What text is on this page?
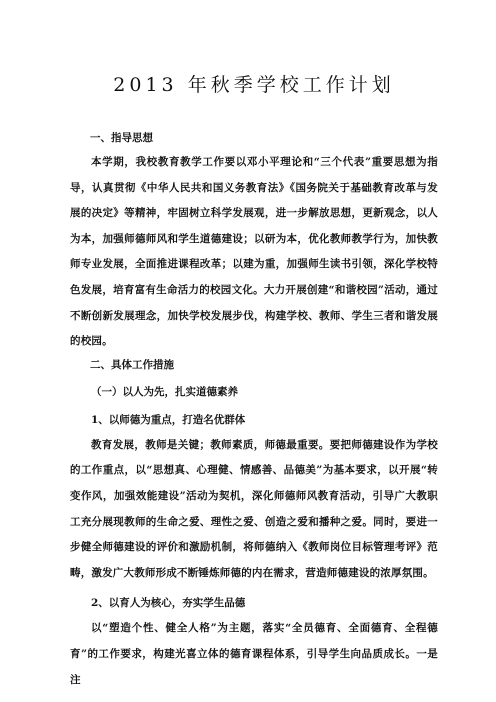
2013 年秋季学校工作计划
一、指导思想

本学期，我校教育教学工作要以邓小平理论和“三个代表”重要思想为指导，认真贯彻《中华人民共和国义务教育法》《国务院关于基础教育改革与发展的决定》等精神，牢固树立科学发展观，进一步解放思想，更新观念，以人为本，加强师德师风和学生道德建设；以研为本，优化教师教学行为，加快教师专业发展，全面推进课程改革；以建为重，加强师生读书引领，深化学校特色发展，培育富有生命活力的校园文化。大力开展创建“和谐校园”活动，通过不断创新发展理念，加快学校发展步伐，构建学校、教师、学生三者和谐发展的校园。

二、具体工作措施
（一）以人为先，扎实道德素养
1、以师德为重点，打造名优群体

教育发展，教师是关键；教师素质，师德最重要。要把师德建设作为学校的工作重点，以“思想真、心理健、情感善、品德美”为基本要求，以开展“转变作风，加强效能建设”活动为契机，深化师德师风教育活动，引导广大教职工充分展现教师的生命之爱、理性之爱、创造之爱和播种之爱。同时，要进一步健全师德建设的评价和激励机制，将师德纳入《教师岗位目标管理考评》范畴，激发广大教师形成不断锤炼师德的内在需求，营造师德建设的浓厚氛围。

2、以育人为核心，夯实学生品德

以“塑造个性、健全人格”为主题，落实“全员德育、全面德育、全程德育”的工作要求，构建光喜立体的德育课程体系，引导学生向品质成长。一是注
